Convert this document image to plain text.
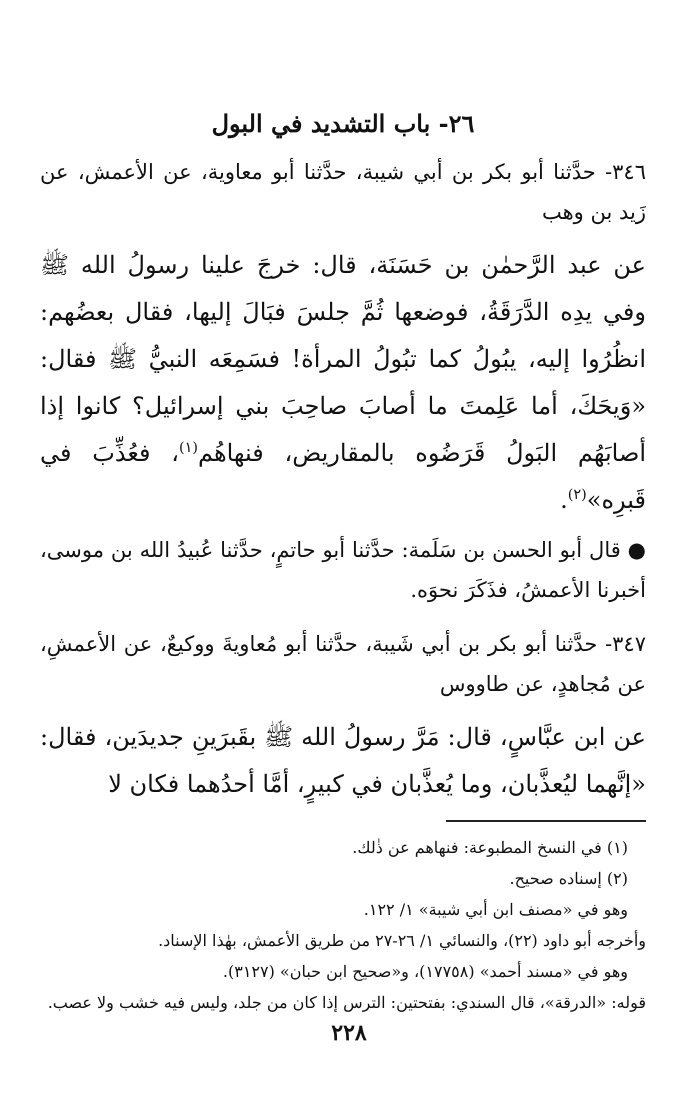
٢٦- باب التشديد في البول

٣٤٦- حدَّثنا أبو بكر بن أبي شيبة، حدَّثنا أبو معاوية، عن الأعمش، عن زَيد بن وهب

عن عبد الرَّحمٰن بن حَسَنَة، قال: خرجَ علينا رسولُ الله ﷺ وفي يدِه الدَّرَقَةُ، فوضعها ثُمَّ جلسَ فبَالَ إليها، فقال بعضُهم: انظُرُوا إليه، يبُولُ كما تبُولُ المرأة! فسَمِعَه النبيُّ ﷺ فقال: «وَيحَكَ، أما عَلِمتَ ما أصابَ صاحِبَ بني إسرائيل؟ كانوا إذا أصابَهُم البَولُ قَرَضُوه بالمقاريض، فنهاهُم$^{(١)}$، فعُذِّبَ في قَبرِه»$^{(٢)}$.

● قال أبو الحسن بن سَلَمة: حدَّثنا أبو حاتمٍ، حدَّثنا عُبيدُ الله بن موسى، أخبرنا الأعمشُ، فذَكَرَ نحوَه.

٣٤٧- حدَّثنا أبو بكر بن أبي شَيبة، حدَّثنا أبو مُعاويةَ ووكيعٌ، عن الأعمشِ، عن مُجاهدٍ، عن طاووس

عن ابن عبَّاسٍ، قال: مَرَّ رسولُ الله ﷺ بقَبرَينِ جديدَين، فقال: «إنَّهما ليُعذَّبان، وما يُعذَّبان في كبيرٍ، أمَّا أحدُهما فكان لا

(١) في النسخ المطبوعة: فنهاهم عن ذٰلك.

(٢) إسناده صحيح.

وهو في «مصنف ابن أبي شيبة» ١/ ١٢٢.

وأخرجه أبو داود (٢٢)، والنسائي ١/ ٢٦-٢٧ من طريق الأعمش، بهٰذا الإسناد.

وهو في «مسند أحمد» (١٧٧٥٨)، و«صحيح ابن حبان» (٣١٢٧).

قوله: «الدرقة»، قال السندي: بفتحتين: الترس إذا كان من جلد، وليس فيه خشب ولا عصب.

٢٢٨
